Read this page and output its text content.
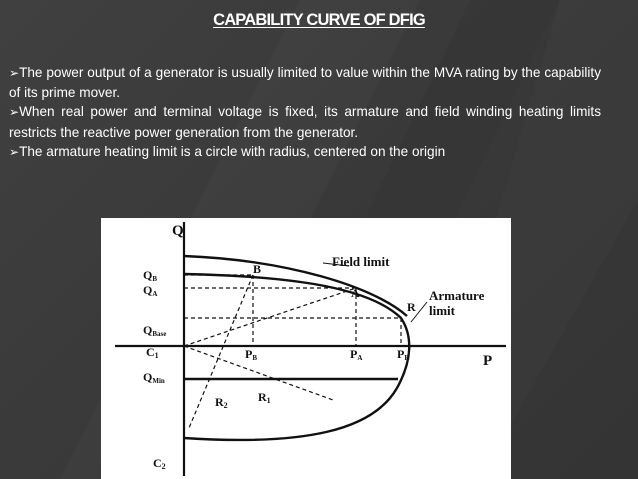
CAPABILITY CURVE OF DFIG

➢The power output of a generator is usually limited to value within the MVA rating by the capability of its prime mover.

➢When real power and terminal voltage is fixed, its armature and field winding heating limits restricts the reactive power generation from the generator.

➢The armature heating limit is a circle with radius, centered on the origin

Q
P
QB
QA
QBase
C1
QMin
C2
B
A
R
PB	PA	PR
R1
R2
Field limit
Armature
limit
